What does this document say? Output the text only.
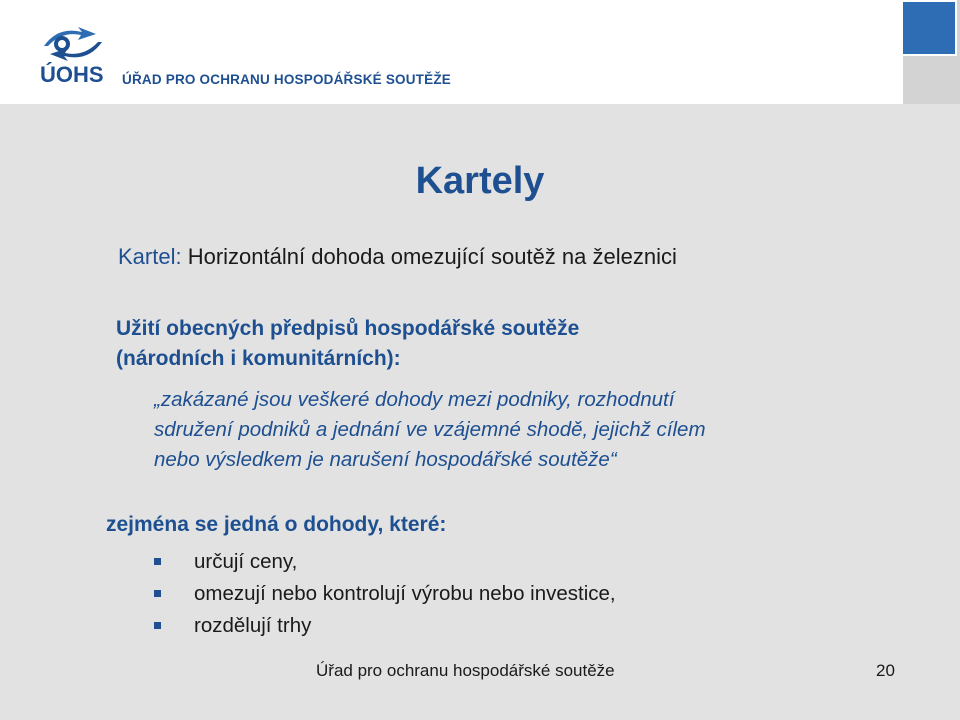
ÚOHS ÚŘAD PRO OCHRANU HOSPODÁŘSKÉ SOUTĚŽE
Kartely
Kartel: Horizontální dohoda omezující soutěž na železnici
Užití obecných předpisů hospodářské soutěže
(národních i komunitárních):
„zakázané jsou veškeré dohody mezi podniky, rozhodnutí
sdružení podniků a jednání ve vzájemné shodě, jejichž cílem
nebo výsledkem je narušení hospodářské soutěže“
zejména se jedná o dohody, které:
určují ceny,
omezují nebo kontrolují výrobu nebo investice,
rozdělují trhy
Úřad pro ochranu hospodářské soutěže	20
